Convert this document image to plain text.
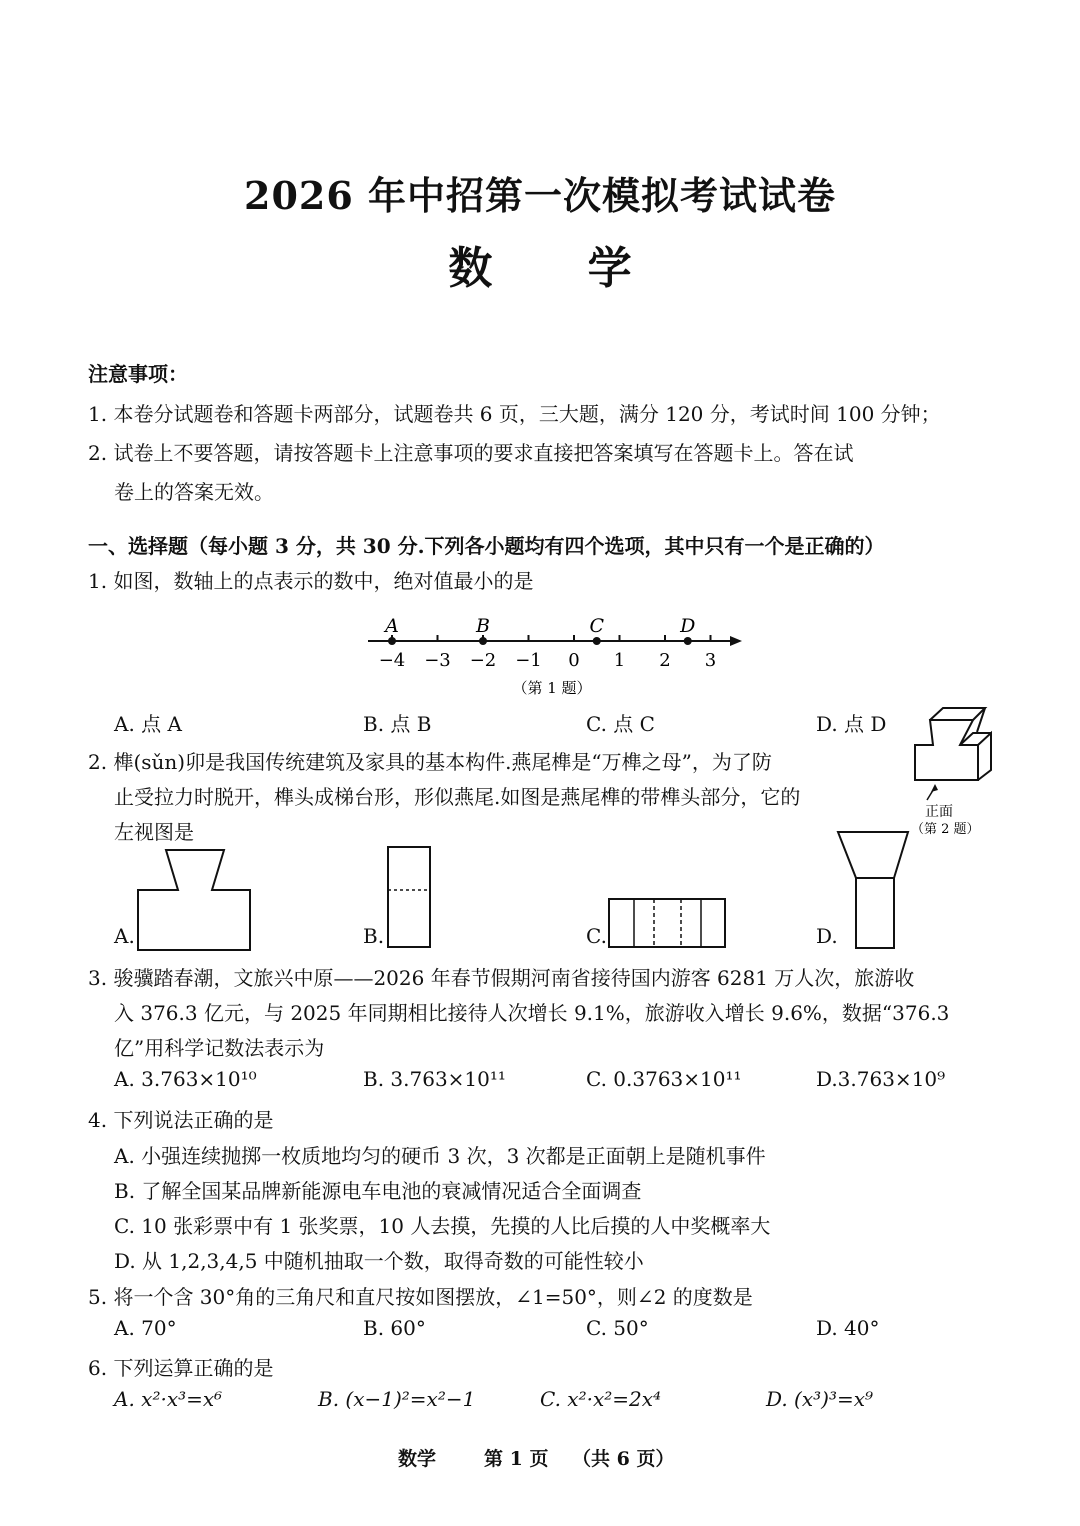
2026 年中招第一次模拟考试试卷
数 学
注意事项：
1. 本卷分试题卷和答题卡两部分，试题卷共 6 页，三大题，满分 120 分，考试时间 100 分钟；
2. 试卷上不要答题，请按答题卡上注意事项的要求直接把答案填写在答题卡上。答在试
卷上的答案无效。
一、选择题（每小题 3 分，共 30 分.下列各小题均有四个选项，其中只有一个是正确的）
1. 如图，数轴上的点表示的数中，绝对值最小的是
−4 −3 −2 −1 0 1 2 3
A	B	C	D
（第 1 题）
A. 点 A	B. 点 B	C. 点 C	D. 点 D
2. 榫(sǔn)卯是我国传统建筑及家具的基本构件.燕尾榫是“万榫之母”，为了防
止受拉力时脱开，榫头成梯台形，形似燕尾.如图是燕尾榫的带榫头部分，它的
左视图是
正面
（第 2 题）
A.	B.	C.	D.
3. 骏骥踏春潮，文旅兴中原——2026 年春节假期河南省接待国内游客 6281 万人次，旅游收
入 376.3 亿元，与 2025 年同期相比接待人次增长 9.1%，旅游收入增长 9.6%，数据“376.3
亿”用科学记数法表示为
A. 3.763×10¹⁰	B. 3.763×10¹¹	C. 0.3763×10¹¹	D.3.763×10⁹
4. 下列说法正确的是
A. 小强连续抛掷一枚质地均匀的硬币 3 次，3 次都是正面朝上是随机事件
B. 了解全国某品牌新能源电车电池的衰减情况适合全面调查
C. 10 张彩票中有 1 张奖票，10 人去摸，先摸的人比后摸的人中奖概率大
D. 从 1,2,3,4,5 中随机抽取一个数，取得奇数的可能性较小
5. 将一个含 30°角的三角尺和直尺按如图摆放，∠1=50°，则∠2 的度数是
A. 70°	B. 60°	C. 50°	D. 40°
6. 下列运算正确的是
A. x²·x³=x⁶	B. (x−1)²=x²−1	C. x²·x²=2x⁴	D. (x³)³=x⁹
数学	第 1 页 （共 6 页）
